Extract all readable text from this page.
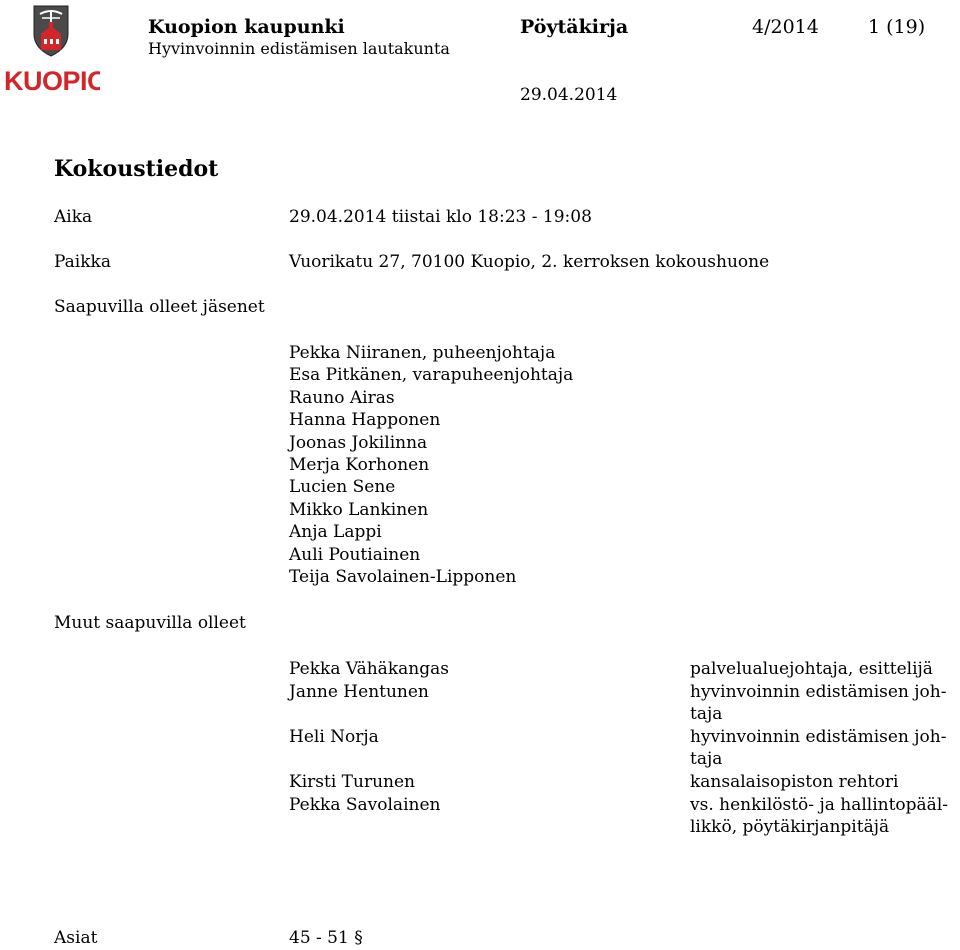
KUOPIO
Kuopion kaupunki	Pöytäkirja	4/2014	1 (19)
Hyvinvoinnin edistämisen lautakunta
29.04.2014
Kokoustiedot
Aika	29.04.2014 tiistai klo 18:23 - 19:08
Paikka	Vuorikatu 27, 70100 Kuopio, 2. kerroksen kokoushuone
Saapuvilla olleet jäsenet
Pekka Niiranen, puheenjohtaja
Esa Pitkänen, varapuheenjohtaja
Rauno Airas
Hanna Happonen
Joonas Jokilinna
Merja Korhonen
Lucien Sene
Mikko Lankinen
Anja Lappi
Auli Poutiainen
Teija Savolainen-Lipponen
Muut saapuvilla olleet
Pekka Vähäkangas	palvelualuejohtaja, esittelijä
Janne Hentunen	hyvinvoinnin edistämisen joh-taja
Heli Norja	hyvinvoinnin edistämisen joh-taja
Kirsti Turunen	kansalaisopiston rehtori
Pekka Savolainen	vs. henkilöstö- ja hallintopääl-likkö, pöytäkirjanpitäjä
Asiat	45 - 51 §
